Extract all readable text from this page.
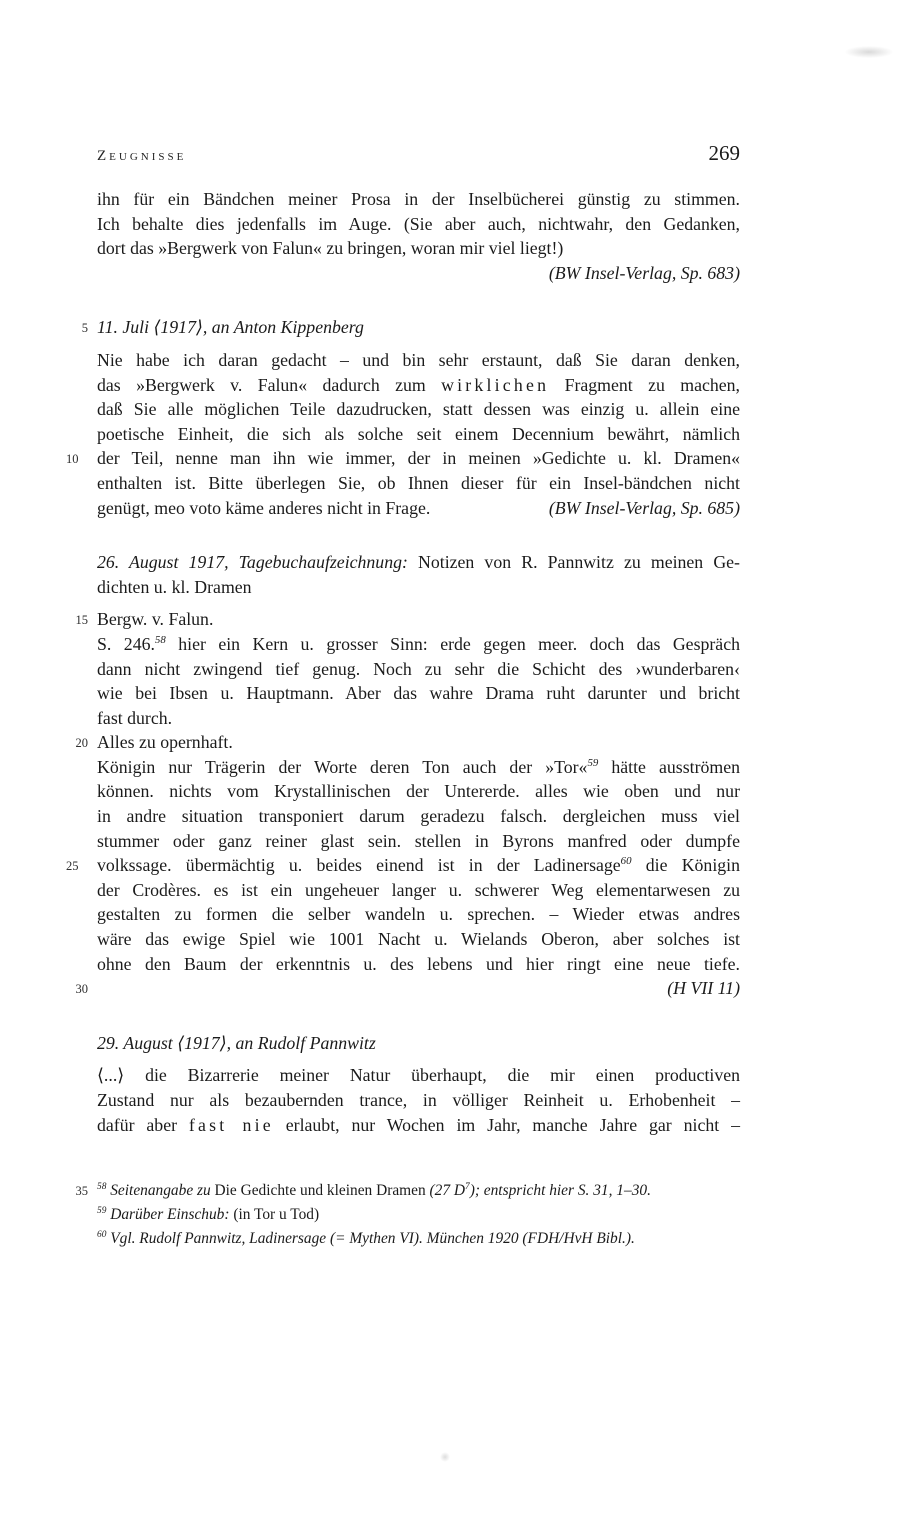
Zeugnisse	269
ihn für ein Bändchen meiner Prosa in der Inselbücherei günstig zu stimmen.
Ich behalte dies jedenfalls im Auge. (Sie aber auch, nichtwahr, den Gedanken,
dort das »Bergwerk von Falun« zu bringen, woran mir viel liegt!)
(BW Insel-Verlag, Sp. 683)
5 11. Juli ⟨1917⟩, an Anton Kippenberg
Nie habe ich daran gedacht – und bin sehr erstaunt, daß Sie daran denken,
das »Bergwerk v. Falun« dadurch zum wirklichen Fragment zu machen,
daß Sie alle möglichen Teile dazudrucken, statt dessen was einzig u. allein eine
poetische Einheit, die sich als solche seit einem Decennium bewährt, nämlich
10	der Teil, nenne man ihn wie immer, der in meinen »Gedichte u. kl. Dramen«
enthalten ist. Bitte überlegen Sie, ob Ihnen dieser für ein Insel-bändchen nicht
genügt, meo voto käme anderes nicht in Frage.	(BW Insel-Verlag, Sp. 685)
26. August 1917, Tagebuchaufzeichnung: Notizen von R. Pannwitz zu meinen Ge-
dichten u. kl. Dramen
15 Bergw. v. Falun.
S. 246.58 hier ein Kern u. grosser Sinn: erde gegen meer. doch das Gespräch
dann nicht zwingend tief genug. Noch zu sehr die Schicht des ›wunderbaren‹
wie bei Ibsen u. Hauptmann. Aber das wahre Drama ruht darunter und bricht
fast durch.
20 Alles zu opernhaft.
Königin nur Trägerin der Worte deren Ton auch der »Tor«$^{59}$ hätte ausströmen
können. nichts vom Krystallinischen der Untererde. alles wie oben und nur
in andre situation transponiert darum geradezu falsch. dergleichen muss viel
stummer oder ganz reiner glast sein. stellen in Byrons manfred oder dumpfe
25	volkssage. übermächtig u. beides einend ist in der Ladinersage$^{60}$ die Königin
der Crodères. es ist ein ungeheuer langer u. schwerer Weg elementarwesen zu
gestalten zu formen die selber wandeln u. sprechen. – Wieder etwas andres
wäre das ewige Spiel wie 1001 Nacht u. Wielands Oberon, aber solches ist
ohne den Baum der erkenntnis u. des lebens und hier ringt eine neue tiefe.
30	(H VII 11)
29. August ⟨1917⟩, an Rudolf Pannwitz
⟨...⟩ die Bizarrerie meiner Natur überhaupt, die mir einen productiven
Zustand nur als bezaubernden trance, in völliger Reinheit u. Erhobenheit –
dafür aber fast nie erlaubt, nur Wochen im Jahr, manche Jahre gar nicht –
35 $^{58}$ Seitenangabe zu Die Gedichte und kleinen Dramen (27 $D^7$); entspricht hier S. 31, 1–30.
$^{59}$ Darüber Einschub: (in Tor u Tod)
$^{60}$ Vgl. Rudolf Pannwitz, Ladinersage (= Mythen VI). München 1920 (FDH/HvH Bibl.).
